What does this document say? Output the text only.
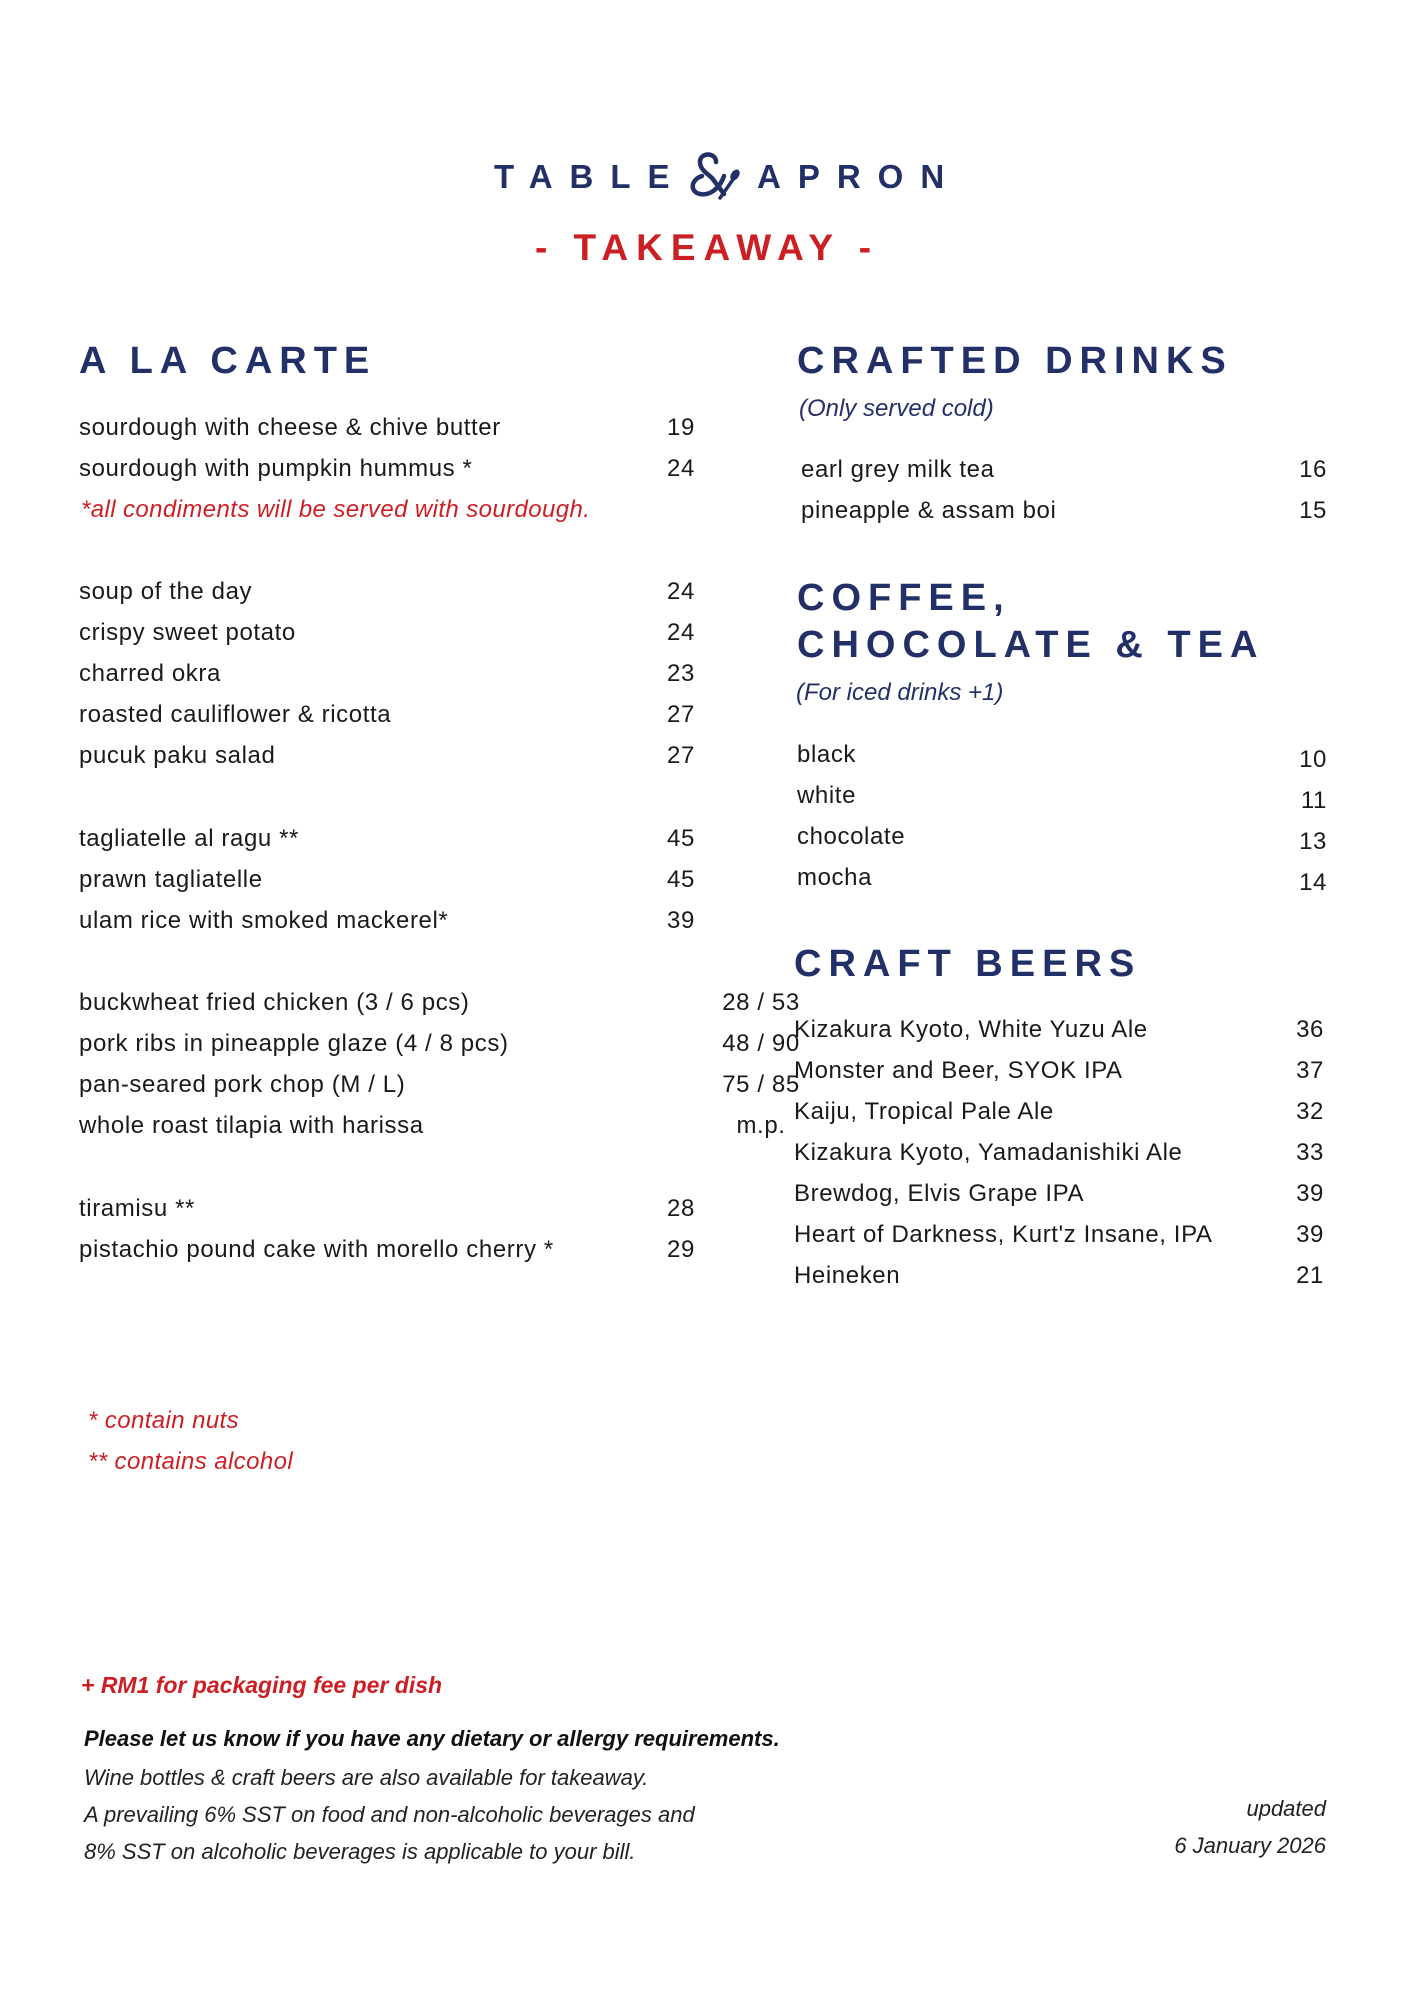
TABLE APRON
- TAKEAWAY -
A LA CARTE
sourdough with cheese & chive butter	19
sourdough with pumpkin hummus *	24
*all condiments will be served with sourdough.
soup of the day	24
crispy sweet potato	24
charred okra	23
roasted cauliflower & ricotta	27
pucuk paku salad	27
tagliatelle al ragu **	45
prawn tagliatelle	45
ulam rice with smoked mackerel*	39
buckwheat fried chicken (3 / 6 pcs)	28 / 53
pork ribs in pineapple glaze (4 / 8 pcs)	48 / 90
pan-seared pork chop (M / L)	75 / 85
whole roast tilapia with harissa	m.p.
tiramisu **	28
pistachio pound cake with morello cherry *	29
CRAFTED DRINKS
(Only served cold)
earl grey milk tea	16
pineapple & assam boi	15
COFFEE,
CHOCOLATE & TEA
(For iced drinks +1)
black	10
white	11
chocolate	13
mocha	14
CRAFT BEERS
Kizakura Kyoto, White Yuzu Ale	36
Monster and Beer, SYOK IPA	37
Kaiju, Tropical Pale Ale	32
Kizakura Kyoto, Yamadanishiki Ale	33
Brewdog, Elvis Grape IPA	39
Heart of Darkness, Kurt'z Insane, IPA	39
Heineken	21
* contain nuts
** contains alcohol
+ RM1 for packaging fee per dish
Please let us know if you have any dietary or allergy requirements.
Wine bottles & craft beers are also available for takeaway.
A prevailing 6% SST on food and non-alcoholic beverages and
8% SST on alcoholic beverages is applicable to your bill.
updated
6 January 2026
